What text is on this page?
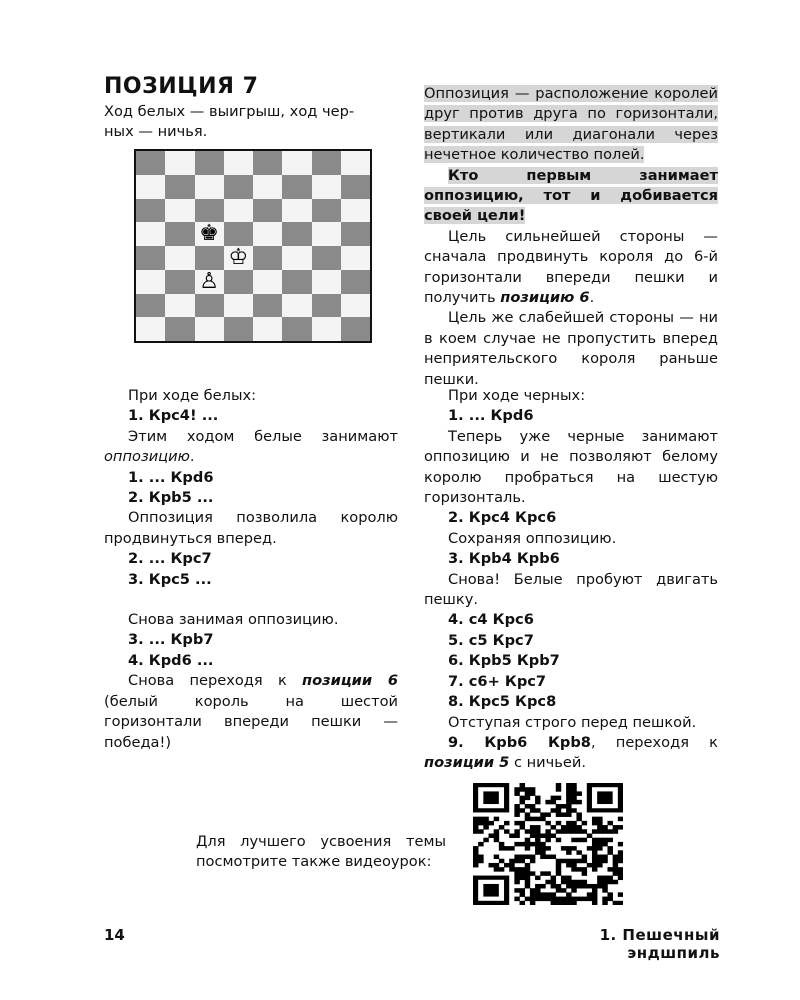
ПОЗИЦИЯ 7
Ход белых — выигрыш, ход чер-
ных — ничья.
♚
♔
♙

Оппозиция — расположение королей друг против друга по горизонтали, вертикали или диагонали через нечетное количество полей.

Кто первым занимает оппозицию, тот и добивается своей цели!

Цель сильнейшей стороны — сначала продвинуть короля до 6-й горизонтали впереди пешки и получить позицию 6.

Цель же слабейшей стороны — ни в коем случае не пропустить вперед неприятельского короля раньше пешки.

При ходе белых:

1. Крс4! ...

Этим ходом белые занимают оппозицию.

1. ... Крd6

2. Крb5 ...

Оппозиция позволила королю продвинуться вперед.

2. ... Крс7

3. Крс5 ...

Снова занимая оппозицию.

3. ... Крb7

4. Крd6 ...

Снова переходя к позиции 6 (белый король на шестой горизонтали впереди пешки — победа!)

При ходе черных:

1. ... Крd6

Теперь уже черные занимают оппозицию и не позволяют белому королю пробраться на шестую горизонталь.

2. Крс4 Крс6

Сохраняя оппозицию.

3. Крb4 Крb6

Снова! Белые пробуют двигать пешку.

4. с4 Крс6

5. с5 Крс7

6. Крb5 Крb7

7. с6+ Крс7

8. Крс5 Крс8

Отступая строго перед пешкой.

9. Крb6 Крb8, переходя к позиции 5 с ничьей.

Для лучшего усвоения темы посмотрите также видеоурок:
14	1. Пешечный эндшпиль
